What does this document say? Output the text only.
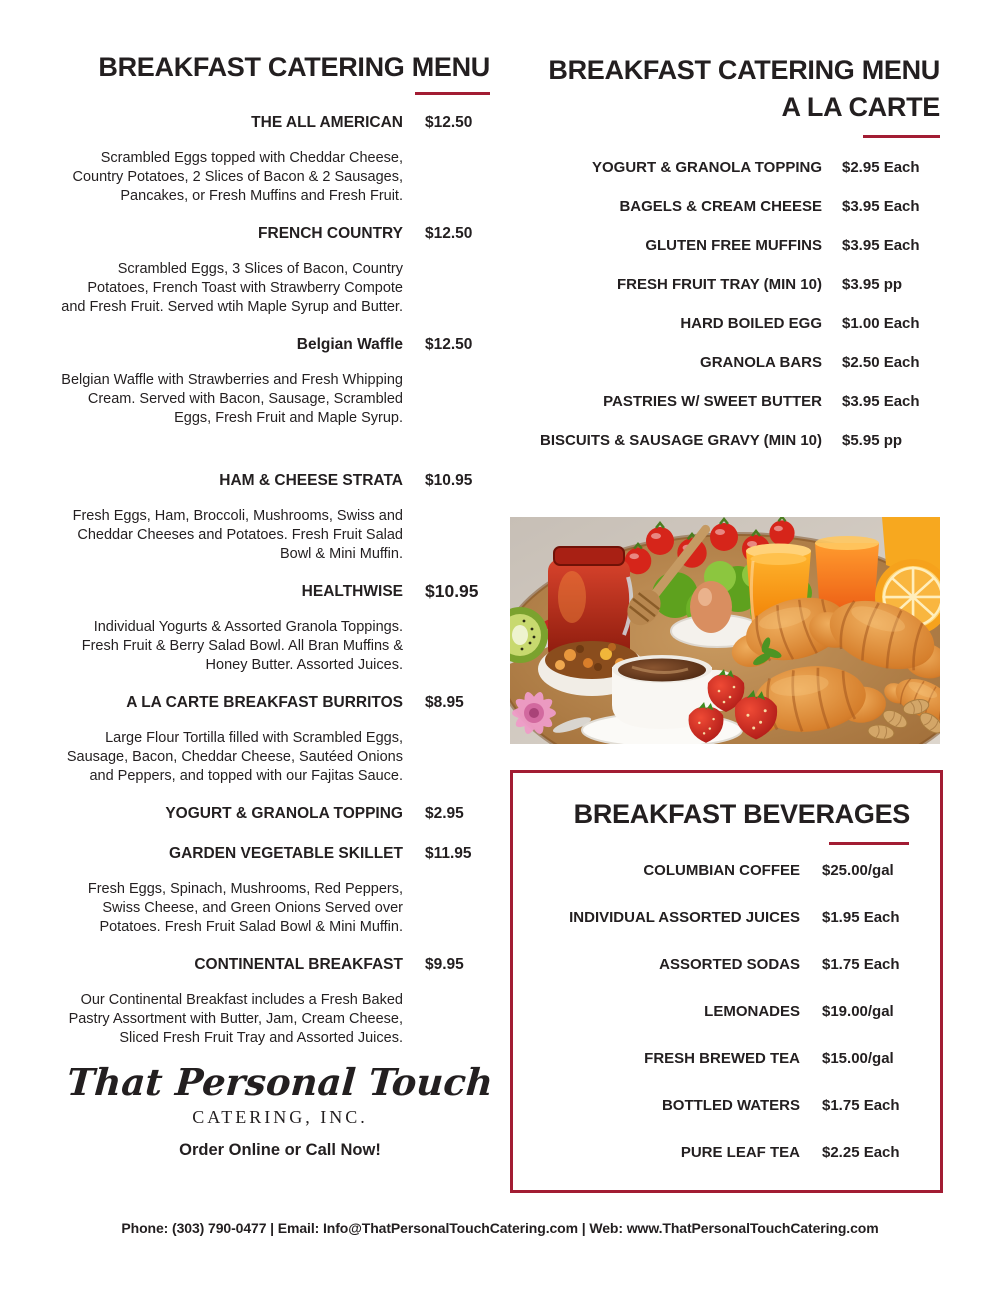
BREAKFAST CATERING MENU
THE ALL AMERICAN	$12.50

Scrambled Eggs topped with Cheddar Cheese, Country Potatoes, 2 Slices of Bacon & 2 Sausages, Pancakes, or Fresh Muffins and Fresh Fruit.

FRENCH COUNTRY	$12.50

Scrambled Eggs, 3 Slices of Bacon, Country Potatoes, French Toast with Strawberry Compote and Fresh Fruit. Served wtih Maple Syrup and Butter.

Belgian Waffle	$12.50

Belgian Waffle with Strawberries and Fresh Whipping Cream. Served with Bacon, Sausage, Scrambled Eggs, Fresh Fruit and Maple Syrup.

HAM & CHEESE STRATA	$10.95

Fresh Eggs, Ham, Broccoli, Mushrooms, Swiss and Cheddar Cheeses and Potatoes. Fresh Fruit Salad Bowl & Mini Muffin.

HEALTHWISE	$10.95

Individual Yogurts & Assorted Granola Toppings. Fresh Fruit & Berry Salad Bowl. All Bran Muffins & Honey Butter. Assorted Juices.

A LA CARTE BREAKFAST BURRITOS	$8.95

Large Flour Tortilla filled with Scrambled Eggs, Sausage, Bacon, Cheddar Cheese, Sautéed Onions and Peppers, and topped with our Fajitas Sauce.

YOGURT & GRANOLA TOPPING	$2.95
GARDEN VEGETABLE SKILLET	$11.95

Fresh Eggs, Spinach, Mushrooms, Red Peppers, Swiss Cheese, and Green Onions Served over Potatoes. Fresh Fruit Salad Bowl & Mini Muffin.

CONTINENTAL BREAKFAST	$9.95

Our Continental Breakfast includes a Fresh Baked Pastry Assortment with Butter, Jam, Cream Cheese, Sliced Fresh Fruit Tray and Assorted Juices.

That Personal Touch
CATERING, INC.
Order Online or Call Now!
BREAKFAST CATERING MENU
A LA CARTE
YOGURT & GRANOLA TOPPING	$2.95 Each
BAGELS & CREAM CHEESE	$3.95 Each
GLUTEN FREE MUFFINS	$3.95 Each
FRESH FRUIT TRAY (MIN 10)	$3.95 pp
HARD BOILED EGG	$1.00 Each
GRANOLA BARS	$2.50 Each
PASTRIES W/ SWEET BUTTER	$3.95 Each
BISCUITS & SAUSAGE GRAVY (MIN 10)	$5.95 pp
BREAKFAST BEVERAGES
COLUMBIAN COFFEE	$25.00/gal
INDIVIDUAL ASSORTED JUICES	$1.95 Each
ASSORTED SODAS	$1.75 Each
LEMONADES	$19.00/gal
FRESH BREWED TEA	$15.00/gal
BOTTLED WATERS	$1.75 Each
PURE LEAF TEA	$2.25 Each
Phone: (303) 790-0477 | Email: Info@ThatPersonalTouchCatering.com | Web: www.ThatPersonalTouchCatering.com
